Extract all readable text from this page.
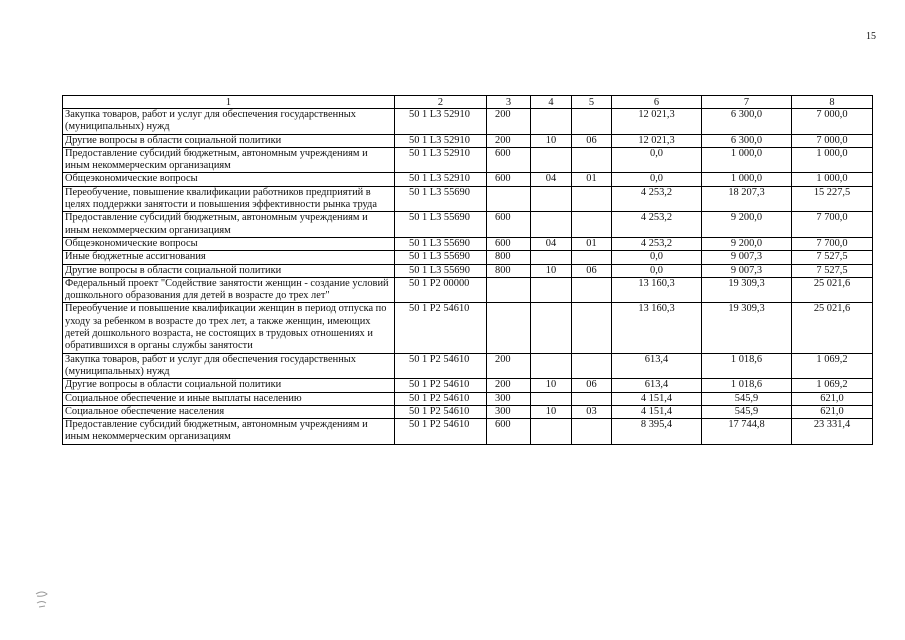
15
1	2	3	4	5	6	7	8
Закупка товаров, работ и услуг для обеспечения государственных (муниципальных) нужд	50 1 L3 52910	200			12 021,3	6 300,0	7 000,0
Другие вопросы в области социальной политики	50 1 L3 52910	200	10	06	12 021,3	6 300,0	7 000,0
Предоставление субсидий бюджетным, автономным учреждениям и иным некоммерческим организациям	50 1 L3 52910	600			0,0	1 000,0	1 000,0
Общеэкономические вопросы	50 1 L3 52910	600	04	01	0,0	1 000,0	1 000,0
Переобучение, повышение квалификации работников предприятий в целях поддержки занятости и повышения эффективности рынка труда	50 1 L3 55690				4 253,2	18 207,3	15 227,5
Предоставление субсидий бюджетным, автономным учреждениям и иным некоммерческим организациям	50 1 L3 55690	600			4 253,2	9 200,0	7 700,0
Общеэкономические вопросы	50 1 L3 55690	600	04	01	4 253,2	9 200,0	7 700,0
Иные бюджетные ассигнования	50 1 L3 55690	800			0,0	9 007,3	7 527,5
Другие вопросы в области социальной политики	50 1 L3 55690	800	10	06	0,0	9 007,3	7 527,5
Федеральный проект "Содействие занятости женщин - создание условий дошкольного образования для детей в возрасте до трех лет"	50 1 P2 00000				13 160,3	19 309,3	25 021,6
Переобучение и повышение квалификации женщин в период отпуска по уходу за ребенком в возрасте до трех лет, а также женщин, имеющих детей дошкольного возраста, не состоящих в трудовых отношениях и обратившихся в органы службы занятости	50 1 P2 54610				13 160,3	19 309,3	25 021,6
Закупка товаров, работ и услуг для обеспечения государственных (муниципальных) нужд	50 1 P2 54610	200			613,4	1 018,6	1 069,2
Другие вопросы в области социальной политики	50 1 P2 54610	200	10	06	613,4	1 018,6	1 069,2
Социальное обеспечение и иные выплаты населению	50 1 P2 54610	300			4 151,4	545,9	621,0
Социальное обеспечение населения	50 1 P2 54610	300	10	03	4 151,4	545,9	621,0
Предоставление субсидий бюджетным, автономным учреждениям и иным некоммерческим организациям	50 1 P2 54610	600			8 395,4	17 744,8	23 331,4
